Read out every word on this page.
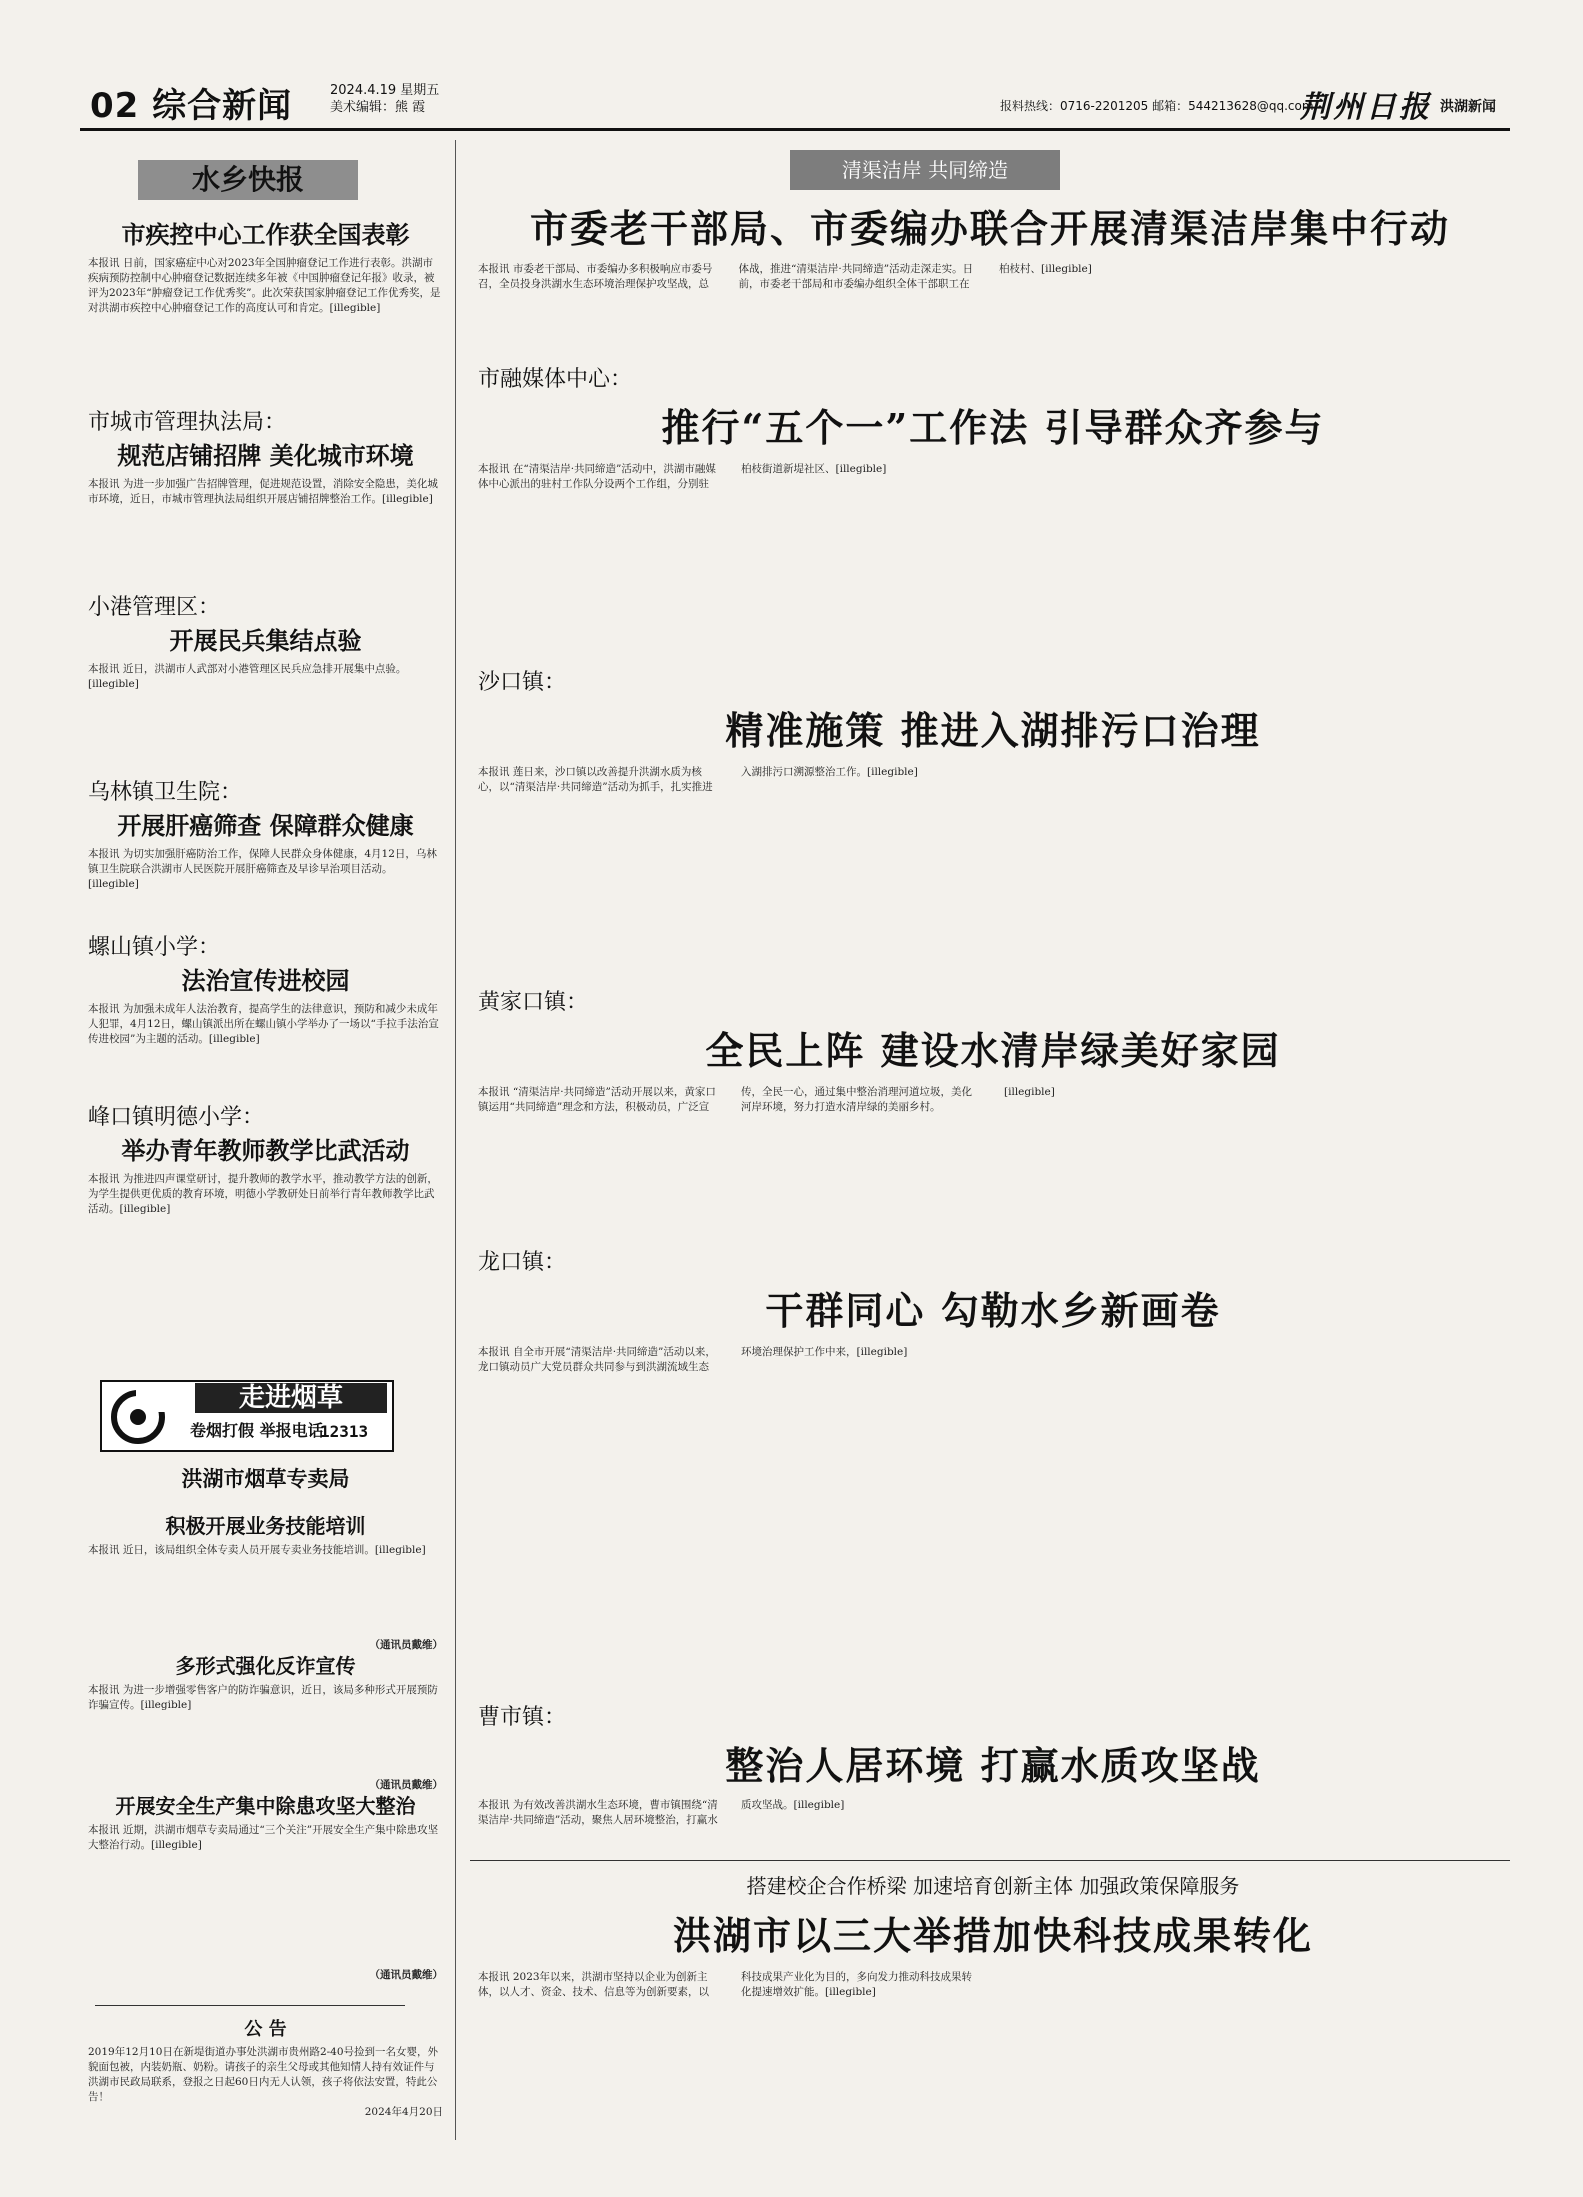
02 综合新闻	2024.4.19 星期五
美术编辑：熊 霞	报料热线：0716-2201205 邮箱：544213628@qq.com
荆州日报 洪湖新闻
水乡快报
市疾控中心工作获全国表彰
本报讯 日前，国家癌症中心对2023年全国肿瘤登记工作进行表彰。洪湖市疾病预防控制中心肿瘤登记数据连续多年被《中国肿瘤登记年报》收录，被评为2023年“肿瘤登记工作优秀奖”。此次荣获国家肿瘤登记工作优秀奖，是对洪湖市疾控中心肿瘤登记工作的高度认可和肯定。[illegible]
市城市管理执法局：
规范店铺招牌 美化城市环境
本报讯 为进一步加强广告招牌管理，促进规范设置，消除安全隐患，美化城市环境，近日，市城市管理执法局组织开展店铺招牌整治工作。[illegible]
小港管理区：
开展民兵集结点验
本报讯 近日，洪湖市人武部对小港管理区民兵应急排开展集中点验。[illegible]
乌林镇卫生院：
开展肝癌筛查 保障群众健康
本报讯 为切实加强肝癌防治工作，保障人民群众身体健康，4月12日，乌林镇卫生院联合洪湖市人民医院开展肝癌筛查及早诊早治项目活动。[illegible]
螺山镇小学：
法治宣传进校园
本报讯 为加强未成年人法治教育，提高学生的法律意识，预防和减少未成年人犯罪，4月12日，螺山镇派出所在螺山镇小学举办了一场以“手拉手法治宣传进校园”为主题的活动。[illegible]
峰口镇明德小学：
举办青年教师教学比武活动
本报讯 为推进四声课堂研讨，提升教师的教学水平，推动教学方法的创新，为学生提供更优质的教育环境，明德小学教研处日前举行青年教师教学比武活动。[illegible]
走进烟草
卷烟打假 举报电话
12313
洪湖市烟草专卖局
积极开展业务技能培训
本报讯 近日，该局组织全体专卖人员开展专卖业务技能培训。[illegible]
（通讯员戴维）
多形式强化反诈宣传
本报讯 为进一步增强零售客户的防诈骗意识，近日，该局多种形式开展预防诈骗宣传。[illegible]
（通讯员戴维）
开展安全生产集中除患攻坚大整治
本报讯 近期，洪湖市烟草专卖局通过“三个关注”开展安全生产集中除患攻坚大整治行动。[illegible]
（通讯员戴维）
公 告
2019年12月10日在新堤街道办事处洪湖市贵州路2-40号捡到一名女婴，外貌面包被，内装奶瓶、奶粉。请孩子的亲生父母或其他知情人持有效证件与洪湖市民政局联系，登报之日起60日内无人认领，孩子将依法安置，特此公告！
2024年4月20日
清渠洁岸 共同缔造
市委老干部局、市委编办联合开展清渠洁岸集中行动
本报讯 市委老干部局、市委编办多积极响应市委号召，全员投身洪湖水生态环境治理保护攻坚战，总体战，推进“清渠洁岸·共同缔造”活动走深走实。日前，市委老干部局和市委编办组织全体干部职工在柏枝村、[illegible]
市融媒体中心：
推行“五个一”工作法 引导群众齐参与
本报讯 在“清渠洁岸·共同缔造”活动中，洪湖市融媒体中心派出的驻村工作队分设两个工作组，分别驻柏枝街道新堤社区、[illegible]
沙口镇：
精准施策 推进入湖排污口治理
本报讯 莲日来，沙口镇以改善提升洪湖水质为核心，以“清渠洁岸·共同缔造”活动为抓手，扎实推进入湖排污口溯源整治工作。[illegible]
黄家口镇：
全民上阵 建设水清岸绿美好家园
本报讯 “清渠洁岸·共同缔造”活动开展以来，黄家口镇运用“共同缔造”理念和方法，积极动员，广泛宣传，全民一心，通过集中整治消理河道垃圾，美化河岸环境，努力打造水清岸绿的美丽乡村。[illegible]
龙口镇：
干群同心 勾勒水乡新画卷
本报讯 自全市开展“清渠洁岸·共同缔造”活动以来，龙口镇动员广大党员群众共同参与到洪湖流域生态环境治理保护工作中来，[illegible]
曹市镇：
整治人居环境 打赢水质攻坚战
本报讯 为有效改善洪湖水生态环境，曹市镇围绕“清渠洁岸·共同缔造”活动，聚焦人居环境整治，打赢水质攻坚战。[illegible]
搭建校企合作桥梁 加速培育创新主体 加强政策保障服务
洪湖市以三大举措加快科技成果转化
本报讯 2023年以来，洪湖市坚持以企业为创新主体，以人才、资金、技术、信息等为创新要素，以科技成果产业化为目的，多向发力推动科技成果转化提速增效扩能。[illegible]
